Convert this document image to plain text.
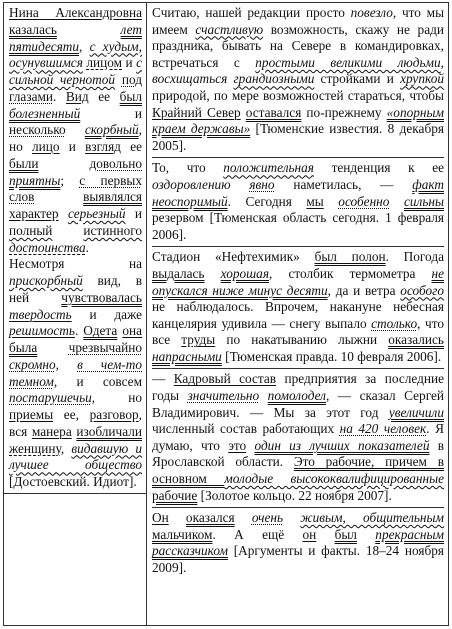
Нина Александровна казалась	лет пятидесяти, с худым, осунувшимся лицом и с сильной чернотой под глазами. Вид ее был болезненный и несколько скорбный, но лицо и взгляд ее были	довольно приятны; с первых слов	выявлялся характер серьезный и полный истинного достоинства. Несмотря на прискорбный вид, в ней чувствовалась твердость и даже решимость. Одета она была чрезвычайно скромно, в чем-то темном, и совсем постарушечьи, но приемы ее, разговор, вся манера изобличали женщину, видавшую и лучшее общество [Достоевский. Идиот].

Считаю, нашей редакции просто повезло, что мы имеем счастливую возможность, скажу не ради праздника, бывать на Севере в командировках, встречаться с простыми великими людьми, восхищаться грандиозными стройками и хрупкой природой, по мере возможностей стараться, чтобы Крайний Север оставался по-прежнему «опорным краем державы» [Тюменские известия. 8 декабря 2005].

То, что положительная тенденция к ее оздоровлению явно наметилась, — факт неоспоримый. Сегодня мы особенно сильны резервом [Тюменская область сегодня. 1 февраля 2006].

Стадион «Нефтехимик» был полон. Погода выдалась хорошая, столбик термометра не опускался ниже минус десяти, да и ветра особого не наблюдалось. Впрочем, накануне небесная канцелярия удивила — снегу выпало столько, что все труды по накатыванию лыжни оказались напрасными [Тюменская правда. 10 февраля 2006].

— Кадровый состав предприятия за последние годы значительно помолодел, — сказал Сергей Владимирович. — Мы за этот год увеличили численный состав работающих на 420 человек. Я думаю, что это один из лучших показателей в Ярославской области. Это рабочие, причем в основном молодые высококвалифицированные рабочие [Золотое кольцо. 22 ноября 2007].

Он оказался очень живым, общительным мальчиком. А ещё он был прекрасным рассказчиком [Аргументы и факты. 18–24 ноября 2009].
